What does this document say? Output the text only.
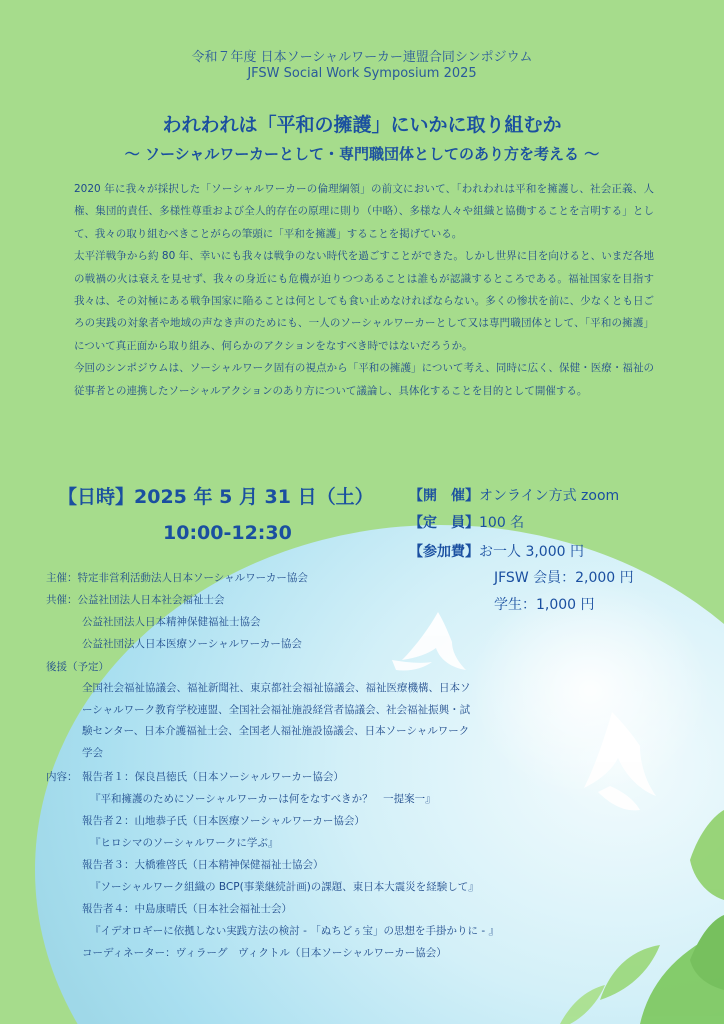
令和７年度 日本ソーシャルワーカー連盟合同シンポジウム
JFSW Social Work Symposium 2025
われわれは「平和の擁護」にいかに取り組むか
〜 ソーシャルワーカーとして・専門職団体としてのあり方を考える 〜

2020 年に我々が採択した「ソーシャルワーカーの倫理綱領」の前文において、「われわれは平和を擁護し、社会正義、人権、集団的責任、多様性尊重および全人的存在の原理に則り（中略）、多様な人々や組織と協働することを言明する」として、我々の取り組むべきことがらの筆頭に「平和を擁護」することを掲げている。

太平洋戦争から約 80 年、幸いにも我々は戦争のない時代を過ごすことができた。しかし世界に目を向けると、いまだ各地の戦禍の火は衰えを見せず、我々の身近にも危機が迫りつつあることは誰もが認識するところである。福祉国家を目指す我々は、その対極にある戦争国家に陥ることは何としても食い止めなければならない。多くの惨状を前に、少なくとも日ごろの実践の対象者や地域の声なき声のためにも、一人のソーシャルワーカーとして又は専門職団体として、「平和の擁護」について真正面から取り組み、何らかのアクションをなすべき時ではないだろうか。

今回のシンポジウムは、ソーシャルワーク固有の視点から「平和の擁護」について考え、同時に広く、保健・医療・福祉の従事者との連携したソーシャルアクションのあり方について議論し、具体化することを目的として開催する。

【日時】2025 年 5 月 31 日（土）
10:00-12:30
【開　催】オンライン方式 zoom
【定　員】100 名
【参加費】お一人 3,000 円
JFSW 会員：2,000 円
学生：1,000 円
主催：特定非営利活動法人日本ソーシャルワーカー協会
共催：公益社団法人日本社会福祉士会
公益社団法人日本精神保健福祉士協会
公益社団法人日本医療ソーシャルワーカー協会
後援（予定）
全国社会福祉協議会、福祉新聞社、東京都社会福祉協議会、福祉医療機構、日本ソーシャルワーク教育学校連盟、全国社会福祉施設経営者協議会、社会福祉振興・試験センター、日本介護福祉士会、全国老人福祉施設協議会、日本ソーシャルワーク学会
内容： 報告者１：保良昌徳氏（日本ソーシャルワーカー協会）
『平和擁護のためにソーシャルワーカーは何をなすべきか？　一提案一』
報告者２：山地恭子氏（日本医療ソーシャルワーカー協会）
『ヒロシマのソーシャルワークに学ぶ』
報告者３：大橋雅啓氏（日本精神保健福祉士協会）
『ソーシャルワーク組織の BCP(事業継続計画)の課題、東日本大震災を経験して』
報告者４：中島康晴氏（日本社会福祉士会）
『イデオロギーに依拠しない実践方法の検討 - 「ぬちどぅ宝」の思想を手掛かりに - 』
コーディネーター：ヴィラーグ　ヴィクトル（日本ソーシャルワーカー協会）
